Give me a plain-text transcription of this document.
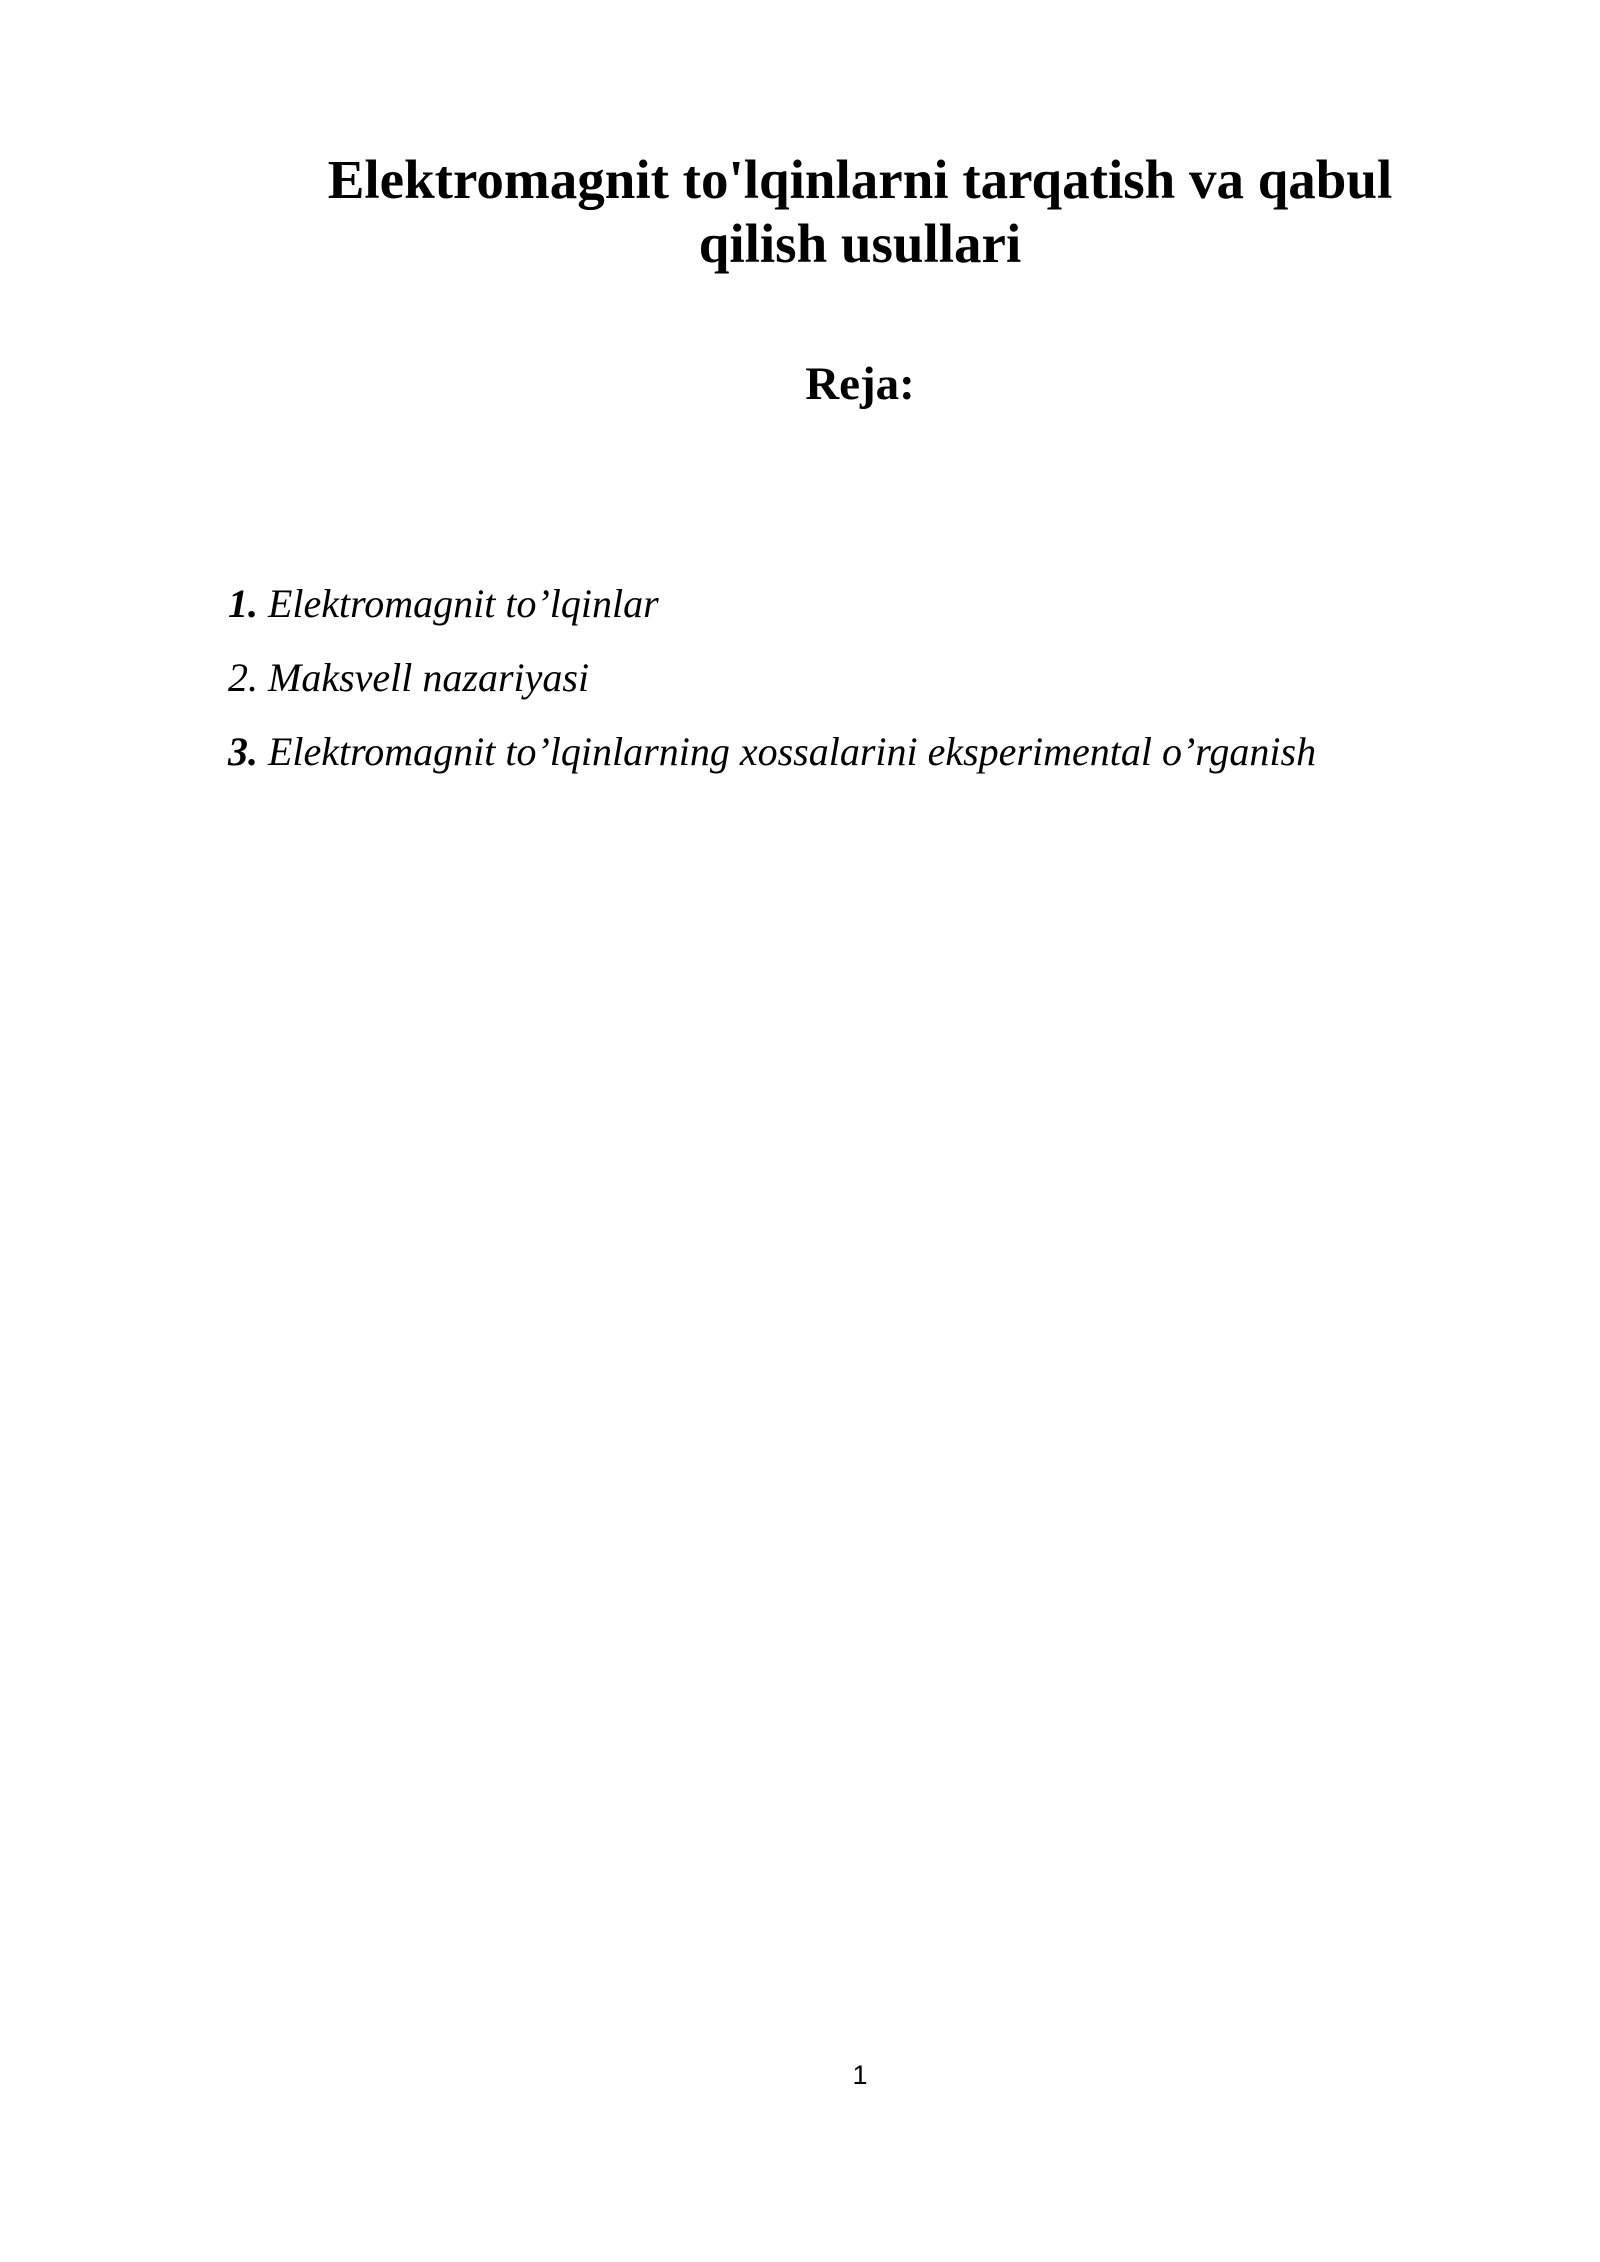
Elektromagnit to'lqinlarni tarqatish va qabul
qilish usullari
Reja:
1. Elektromagnit to’lqinlar
2. Maksvell nazariyasi
3. Elektromagnit to’lqinlarning xossalarini eksperimental o’rganish

1
